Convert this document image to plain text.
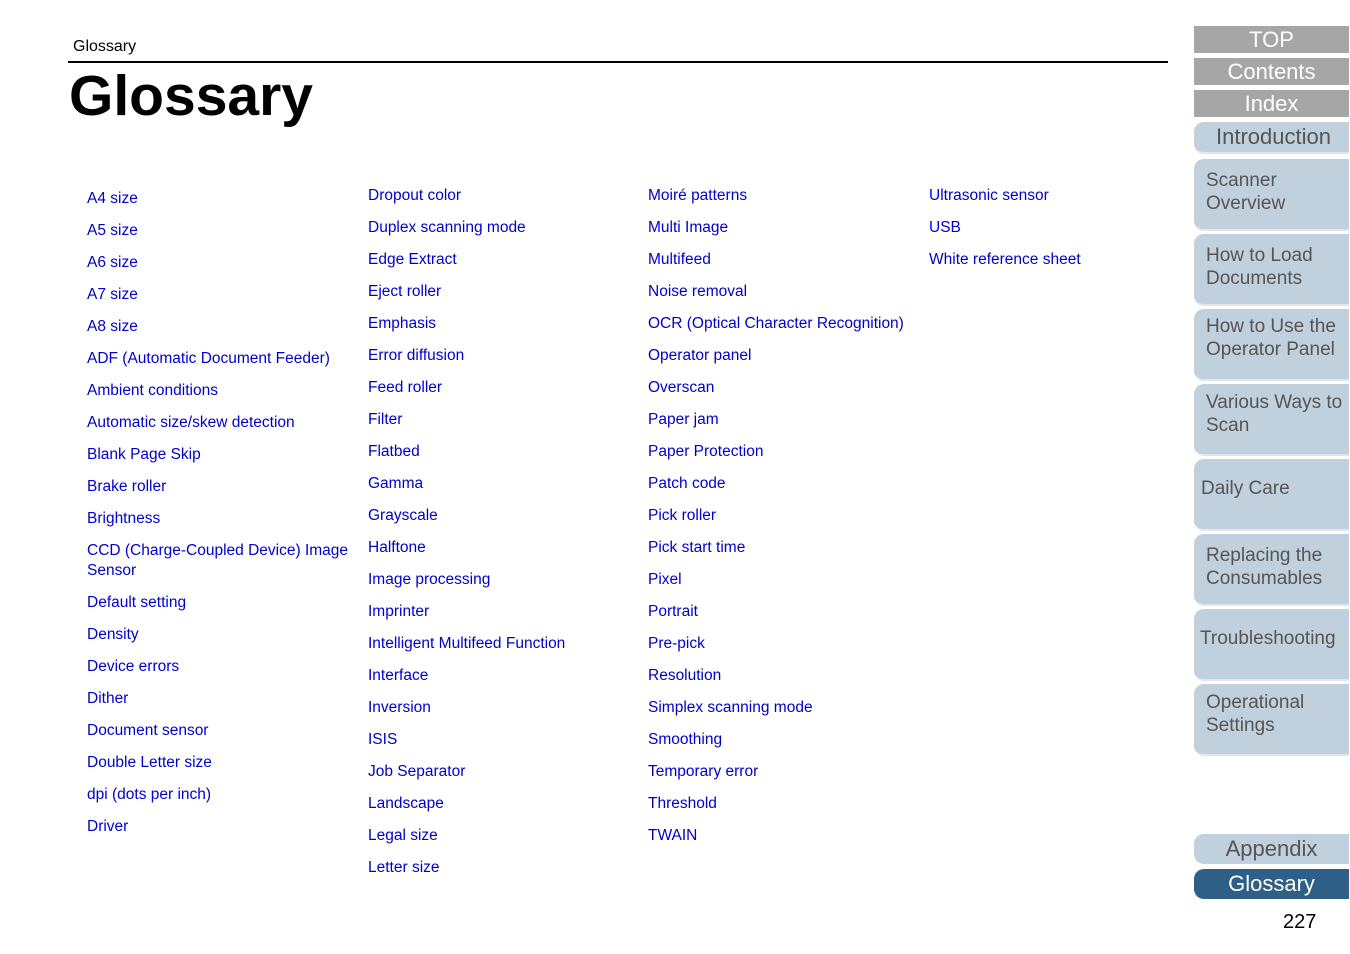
Glossary
Glossary
A4 size
A5 size
A6 size
A7 size
A8 size
ADF (Automatic Document Feeder)
Ambient conditions
Automatic size/skew detection
Blank Page Skip
Brake roller
Brightness
CCD (Charge-Coupled Device) Image Sensor
Default setting
Density
Device errors
Dither
Document sensor
Double Letter size
dpi (dots per inch)
Driver
Dropout color
Duplex scanning mode
Edge Extract
Eject roller
Emphasis
Error diffusion
Feed roller
Filter
Flatbed
Gamma
Grayscale
Halftone
Image processing
Imprinter
Intelligent Multifeed Function
Interface
Inversion
ISIS
Job Separator
Landscape
Legal size
Letter size
Moiré patterns
Multi Image
Multifeed
Noise removal
OCR (Optical Character Recognition)
Operator panel
Overscan
Paper jam
Paper Protection
Patch code
Pick roller
Pick start time
Pixel
Portrait
Pre-pick
Resolution
Simplex scanning mode
Smoothing
Temporary error
Threshold
TWAIN
Ultrasonic sensor
USB
White reference sheet
TOP
Contents
Index
Introduction
Scanner Overview
How to Load Documents
How to Use the Operator Panel
Various Ways to Scan
Daily Care
Replacing the Consumables
Troubleshooting
Operational Settings
Appendix
Glossary
227
